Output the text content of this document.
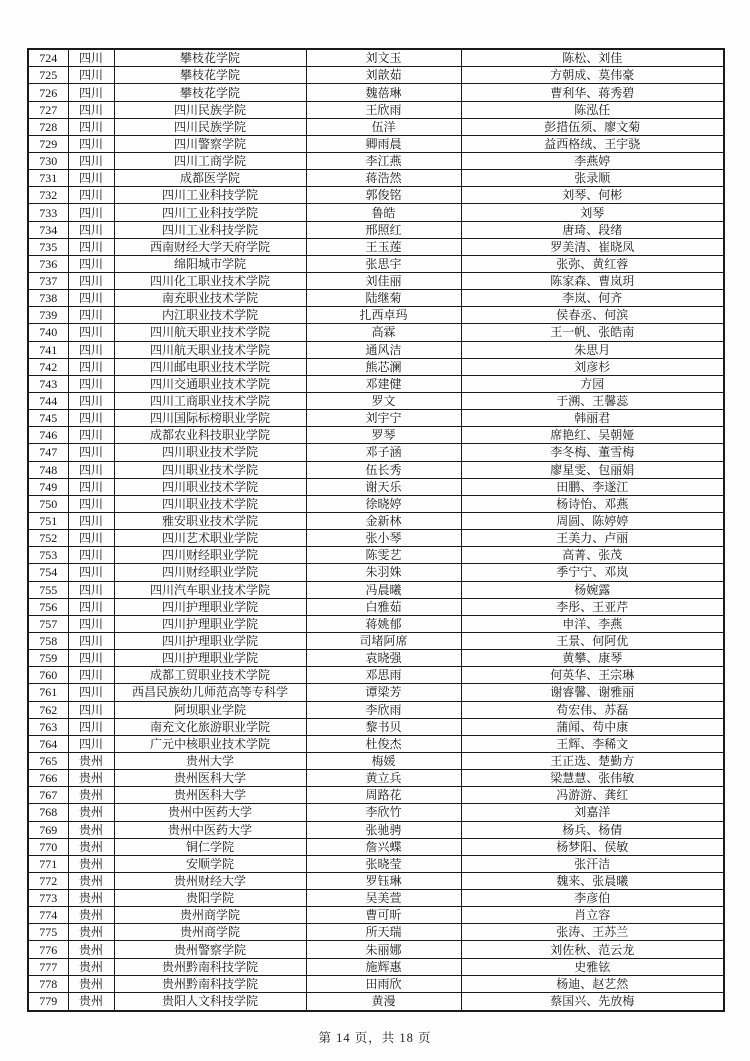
724	四川	攀枝花学院	刘文玉	陈松、刘佳
725	四川	攀枝花学院	刘歆茹	方朝成、莫伟豪
726	四川	攀枝花学院	魏蓓琳	曹利华、蒋秀碧
727	四川	四川民族学院	王欣雨	陈泓任
728	四川	四川民族学院	伍洋	彭措伍须、廖文菊
729	四川	四川警察学院	卿雨晨	益西格绒、王宇骁
730	四川	四川工商学院	李江燕	李燕婷
731	四川	成都医学院	蒋浩然	张录顺
732	四川	四川工业科技学院	郭俊铭	刘琴、何彬
733	四川	四川工业科技学院	鲁皓	刘琴
734	四川	四川工业科技学院	邢照红	唐琦、段绪
735	四川	西南财经大学天府学院	王玉莲	罗美清、崔晓凤
736	四川	绵阳城市学院	张思宇	张弥、黄红蓉
737	四川	四川化工职业技术学院	刘佳丽	陈家森、曹岚玥
738	四川	南充职业技术学院	陆继菊	李岚、何齐
739	四川	内江职业技术学院	扎西卓玛	侯春丞、何滨
740	四川	四川航天职业技术学院	高霖	王一帆、张皓南
741	四川	四川航天职业技术学院	通风洁	朱思月
742	四川	四川邮电职业技术学院	熊芯澜	刘彦杉
743	四川	四川交通职业技术学院	邓建健	方园
744	四川	四川工商职业技术学院	罗文	于溯、王馨蕊
745	四川	四川国际标榜职业学院	刘宇宁	韩丽君
746	四川	成都农业科技职业学院	罗琴	席艳红、吴朝娅
747	四川	四川职业技术学院	邓子涵	李冬梅、董雪梅
748	四川	四川职业技术学院	伍长秀	廖星雯、包丽娟
749	四川	四川职业技术学院	谢天乐	田鹏、李遂江
750	四川	四川职业技术学院	徐晓婷	杨诗怡、邓燕
751	四川	雅安职业技术学院	金新林	周圆、陈婷婷
752	四川	四川艺术职业学院	张小琴	王美力、卢丽
753	四川	四川财经职业学院	陈雯艺	高菁、张茂
754	四川	四川财经职业学院	朱羽姝	季宁宁、邓岚
755	四川	四川汽车职业技术学院	冯晨曦	杨婉露
756	四川	四川护理职业学院	白雅茹	李彤、王亚芹
757	四川	四川护理职业学院	蒋姚郁	申洋、李燕
758	四川	四川护理职业学院	司堵阿席	王景、何阿优
759	四川	四川护理职业学院	袁晓强	黄攀、康琴
760	四川	成都工贸职业技术学院	邓思雨	何英华、王宗琳
761	四川	西昌民族幼儿师范高等专科学	谭梁芳	谢睿馨、谢雅丽
762	四川	阿坝职业学院	李欣雨	苟宏伟、苏磊
763	四川	南充文化旅游职业学院	黎书贝	蒲闻、苟中康
764	四川	广元中核职业技术学院	杜俊杰	王辉、李稀文
765	贵州	贵州大学	梅媛	王正选、楚勤方
766	贵州	贵州医科大学	黄立兵	梁慧慧、张伟敏
767	贵州	贵州医科大学	周路花	冯游游、龚红
768	贵州	贵州中医药大学	李欣竹	刘嘉洋
769	贵州	贵州中医药大学	张驰骋	杨兵、杨倩
770	贵州	铜仁学院	詹兴蝶	杨梦阳、侯敏
771	贵州	安顺学院	张晓莹	张汗洁
772	贵州	贵州财经大学	罗钰琳	魏来、张晨曦
773	贵州	贵阳学院	吴美萱	李彦伯
774	贵州	贵州商学院	曹可昕	肖立容
775	贵州	贵州商学院	所天瑞	张涛、王苏兰
776	贵州	贵州警察学院	朱丽娜	刘佐秋、范云龙
777	贵州	贵州黔南科技学院	施辉惠	史雅铉
778	贵州	贵州黔南科技学院	田雨欣	杨迪、赵艺然
779	贵州	贵阳人文科技学院	黄漫	蔡国兴、先放梅
第 14 页，共 18 页
